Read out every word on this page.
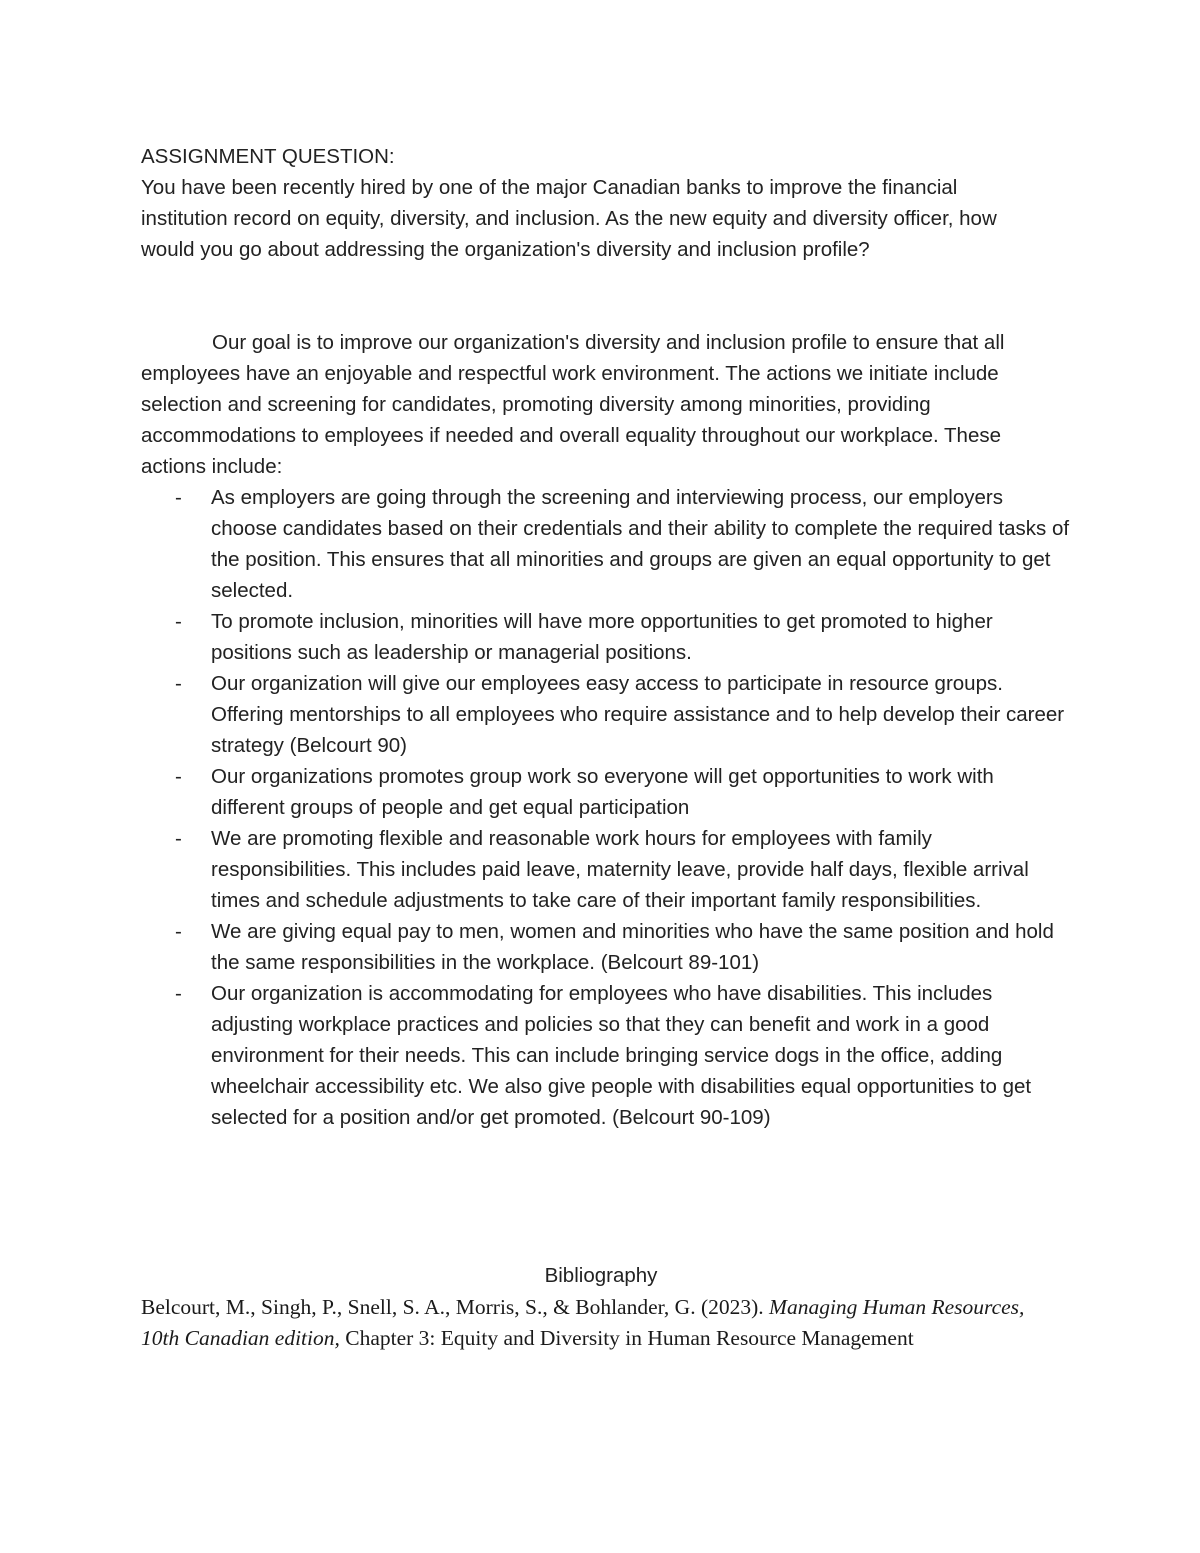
ASSIGNMENT QUESTION:

You have been recently hired by one of the major Canadian banks to improve the financial institution record on equity, diversity, and inclusion. As the new equity and diversity officer, how would you go about addressing the organization's diversity and inclusion profile?

Our goal is to improve our organization's diversity and inclusion profile to ensure that all employees have an enjoyable and respectful work environment. The actions we initiate include selection and screening for candidates, promoting diversity among minorities, providing accommodations to employees if needed and overall equality throughout our workplace. These actions include:

- As employers are going through the screening and interviewing process, our employers choose candidates based on their credentials and their ability to complete the required tasks of the position. This ensures that all minorities and groups are given an equal opportunity to get selected.
- To promote inclusion, minorities will have more opportunities to get promoted to higher positions such as leadership or managerial positions.
- Our organization will give our employees easy access to participate in resource groups. Offering mentorships to all employees who require assistance and to help develop their career strategy (Belcourt 90)
- Our organizations promotes group work so everyone will get opportunities to work with different groups of people and get equal participation
- We are promoting flexible and reasonable work hours for employees with family responsibilities. This includes paid leave, maternity leave, provide half days, flexible arrival times and schedule adjustments to take care of their important family responsibilities.
- We are giving equal pay to men, women and minorities who have the same position and hold the same responsibilities in the workplace. (Belcourt 89-101)
- Our organization is accommodating for employees who have disabilities. This includes adjusting workplace practices and policies so that they can benefit and work in a good environment for their needs. This can include bringing service dogs in the office, adding wheelchair accessibility etc. We also give people with disabilities equal opportunities to get selected for a position and/or get promoted. (Belcourt 90-109)

Bibliography

Belcourt, M., Singh, P., Snell, S. A., Morris, S., & Bohlander, G. (2023). Managing Human Resources, 10th Canadian edition, Chapter 3: Equity and Diversity in Human Resource Management
